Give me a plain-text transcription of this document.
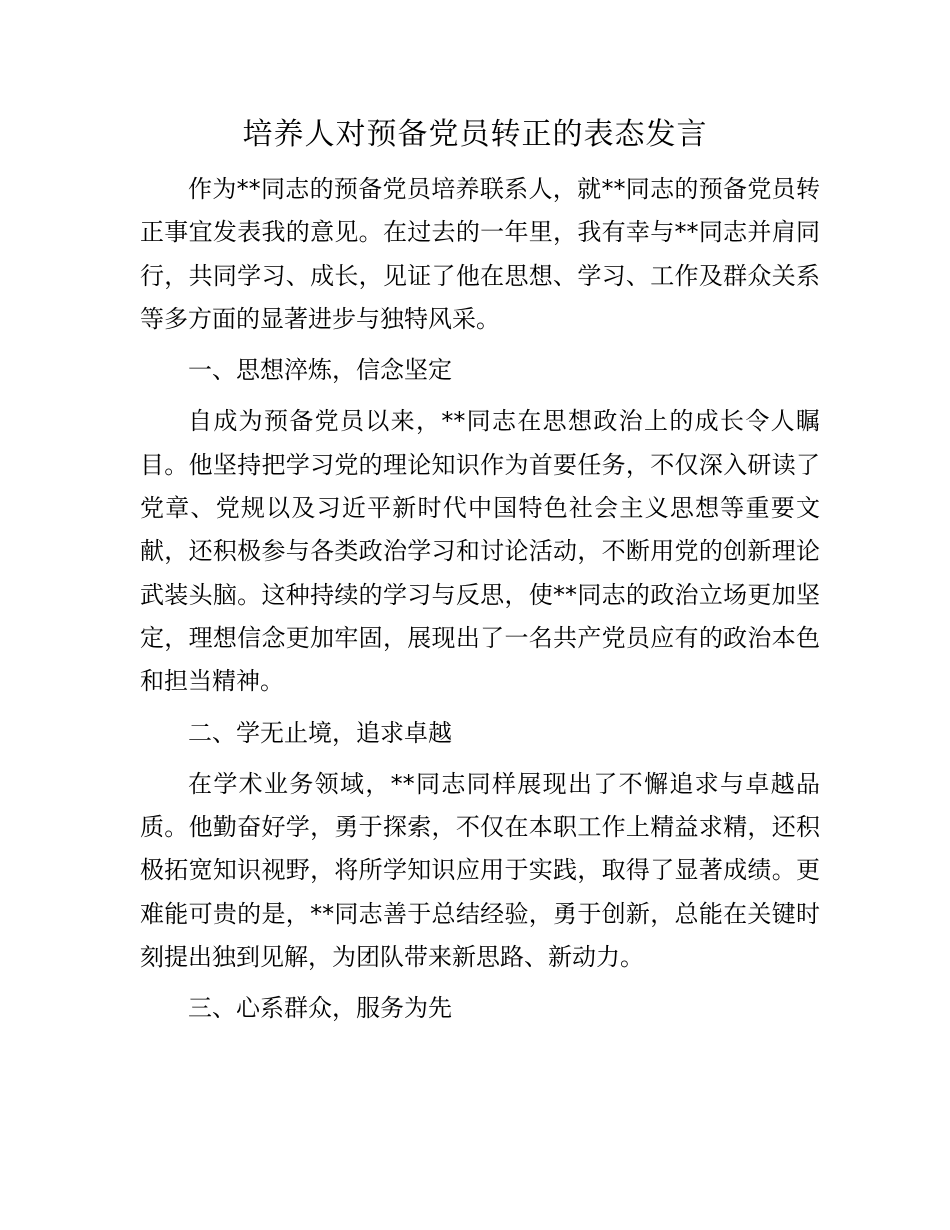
培养人对预备党员转正的表态发言

作为**同志的预备党员培养联系人，就**同志的预备党员转正事宜发表我的意见。在过去的一年里，我有幸与**同志并肩同行，共同学习、成长，见证了他在思想、学习、工作及群众关系等多方面的显著进步与独特风采。

一、思想淬炼，信念坚定

自成为预备党员以来，**同志在思想政治上的成长令人瞩目。他坚持把学习党的理论知识作为首要任务，不仅深入研读了党章、党规以及习近平新时代中国特色社会主义思想等重要文献，还积极参与各类政治学习和讨论活动，不断用党的创新理论武装头脑。这种持续的学习与反思，使**同志的政治立场更加坚定，理想信念更加牢固，展现出了一名共产党员应有的政治本色和担当精神。

二、学无止境，追求卓越

在学术业务领域，**同志同样展现出了不懈追求与卓越品质。他勤奋好学，勇于探索，不仅在本职工作上精益求精，还积极拓宽知识视野，将所学知识应用于实践，取得了显著成绩。更难能可贵的是，**同志善于总结经验，勇于创新，总能在关键时刻提出独到见解，为团队带来新思路、新动力。

三、心系群众，服务为先
